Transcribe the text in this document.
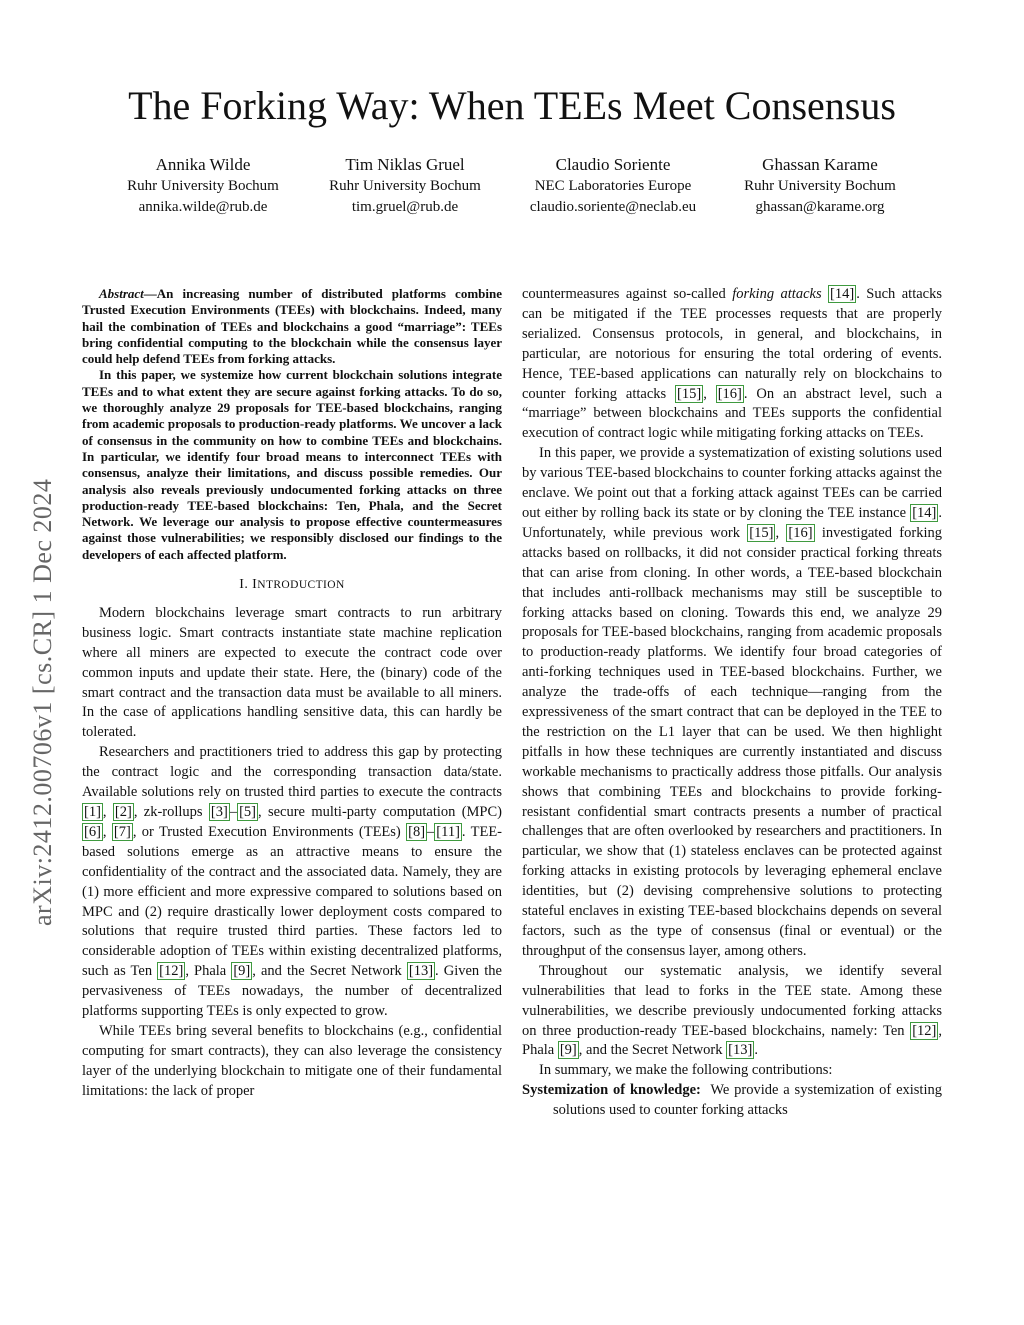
The Forking Way: When TEEs Meet Consensus
Annika Wilde
Ruhr University Bochum
annika.wilde@rub.de
Tim Niklas Gruel
Ruhr University Bochum
tim.gruel@rub.de
Claudio Soriente
NEC Laboratories Europe
claudio.soriente@neclab.eu
Ghassan Karame
Ruhr University Bochum
ghassan@karame.org
arXiv:2412.00706v1 [cs.CR] 1 Dec 2024

Abstract—An increasing number of distributed platforms combine Trusted Execution Environments (TEEs) with blockchains. Indeed, many hail the combination of TEEs and blockchains a good “marriage”: TEEs bring confidential computing to the blockchain while the consensus layer could help defend TEEs from forking attacks.

In this paper, we systemize how current blockchain solutions integrate TEEs and to what extent they are secure against forking attacks. To do so, we thoroughly analyze 29 proposals for TEE-based blockchains, ranging from academic proposals to production-ready platforms. We uncover a lack of consensus in the community on how to combine TEEs and blockchains. In particular, we identify four broad means to interconnect TEEs with consensus, analyze their limitations, and discuss possible remedies. Our analysis also reveals previously undocumented forking attacks on three production-ready TEE-based blockchains: Ten, Phala, and the Secret Network. We leverage our analysis to propose effective countermeasures against those vulnerabilities; we responsibly disclosed our findings to the developers of each affected platform.

I. INTRODUCTION

Modern blockchains leverage smart contracts to run arbitrary business logic. Smart contracts instantiate state machine replication where all miners are expected to execute the contract code over common inputs and update their state. Here, the (binary) code of the smart contract and the transaction data must be available to all miners. In the case of applications handling sensitive data, this can hardly be tolerated.

Researchers and practitioners tried to address this gap by protecting the contract logic and the corresponding transaction data/state. Available solutions rely on trusted third parties to execute the contracts [1] , [2] , zk-rollups [3] – [5] , secure multi-party computation (MPC) [6] , [7] , or Trusted Execution Environments (TEEs) [8] – [11] . TEE-based solutions emerge as an attractive means to ensure the confidentiality of the contract and the associated data. Namely, they are (1) more efficient and more expressive compared to solutions based on MPC and (2) require drastically lower deployment costs compared to solutions that require trusted third parties. These factors led to considerable adoption of TEEs within existing decentralized platforms, such as Ten [12] , Phala [9] , and the Secret Network [13] . Given the pervasiveness of TEEs nowadays, the number of decentralized platforms supporting TEEs is only expected to grow.

While TEEs bring several benefits to blockchains (e.g., confidential computing for smart contracts), they can also leverage the consistency layer of the underlying blockchain to mitigate one of their fundamental limitations: the lack of proper

countermeasures against so-called forking attacks [14] . Such attacks can be mitigated if the TEE processes requests that are properly serialized. Consensus protocols, in general, and blockchains, in particular, are notorious for ensuring the total ordering of events. Hence, TEE-based applications can naturally rely on blockchains to counter forking attacks [15] , [16] . On an abstract level, such a “marriage” between blockchains and TEEs supports the confidential execution of contract logic while mitigating forking attacks on TEEs.

In this paper, we provide a systematization of existing solutions used by various TEE-based blockchains to counter forking attacks against the enclave. We point out that a forking attack against TEEs can be carried out either by rolling back its state or by cloning the TEE instance [14] . Unfortunately, while previous work [15] , [16] investigated forking attacks based on rollbacks, it did not consider practical forking threats that can arise from cloning. In other words, a TEE-based blockchain that includes anti-rollback mechanisms may still be susceptible to forking attacks based on cloning. Towards this end, we analyze 29 proposals for TEE-based blockchains, ranging from academic proposals to production-ready platforms. We identify four broad categories of anti-forking techniques used in TEE-based blockchains. Further, we analyze the trade-offs of each technique—ranging from the expressiveness of the smart contract that can be deployed in the TEE to the restriction on the L1 layer that can be used. We then highlight pitfalls in how these techniques are currently instantiated and discuss workable mechanisms to practically address those pitfalls. Our analysis shows that combining TEEs and blockchains to provide forking-resistant confidential smart contracts presents a number of practical challenges that are often overlooked by researchers and practitioners. In particular, we show that (1) stateless enclaves can be protected against forking attacks in existing protocols by leveraging ephemeral enclave identities, but (2) devising comprehensive solutions to protecting stateful enclaves in existing TEE-based blockchains depends on several factors, such as the type of consensus (final or eventual) or the throughput of the consensus layer, among others.

Throughout our systematic analysis, we identify several vulnerabilities that lead to forks in the TEE state. Among these vulnerabilities, we describe previously undocumented forking attacks on three production-ready TEE-based blockchains, namely: Ten [12] , Phala [9] , and the Secret Network [13] .

In summary, we make the following contributions:

Systemization of knowledge: We provide a systemization of existing solutions used to counter forking attacks
